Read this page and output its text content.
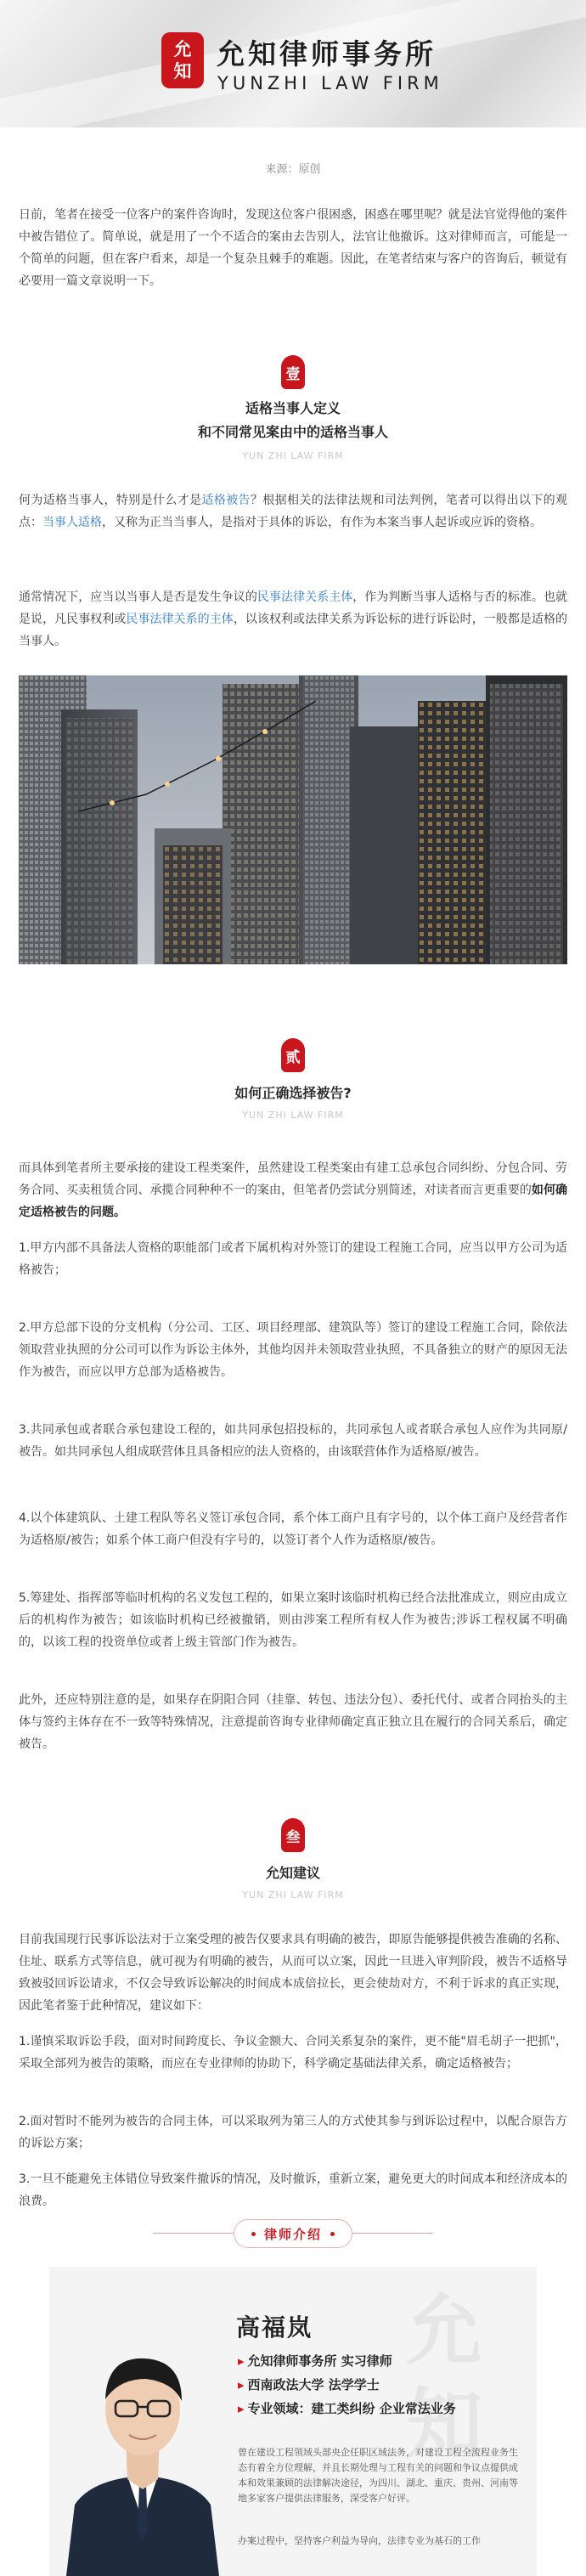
允
知
允知律师事务所
YUNZHI LAW FIRM
来源：原创

日前，笔者在接受一位客户的案件咨询时，发现这位客户很困惑，困惑在哪里呢？就是法官觉得他的案件中被告错位了。简单说，就是用了一个不适合的案由去告别人，法官让他撤诉。这对律师而言，可能是一个简单的问题，但在客户看来，却是一个复杂且棘手的难题。因此，在笔者结束与客户的咨询后，顿觉有必要用一篇文章说明一下。

壹
适格当事人定义
和不同常见案由中的适格当事人
YUN ZHI LAW FIRM

何为适格当事人，特别是什么才是适格被告？根据相关的法律法规和司法判例，笔者可以得出以下的观点：当事人适格，又称为正当当事人，是指对于具体的诉讼，有作为本案当事人起诉或应诉的资格。

通常情况下，应当以当事人是否是发生争议的民事法律关系主体，作为判断当事人适格与否的标准。也就是说，凡民事权利或民事法律关系的主体，以该权利或法律关系为诉讼标的进行诉讼时，一般都是适格的当事人。

贰
如何正确选择被告?
YUN ZHI LAW FIRM

而具体到笔者所主要承接的建设工程类案件，虽然建设工程类案由有建工总承包合同纠纷、分包合同、劳务合同、买卖租赁合同、承揽合同种种不一的案由，但笔者仍尝试分别简述，对读者而言更重要的如何确定适格被告的问题。

1.甲方内部不具备法人资格的职能部门或者下属机构对外签订的建设工程施工合同，应当以甲方公司为适格被告；

2.甲方总部下设的分支机构（分公司、工区、项目经理部、建筑队等）签订的建设工程施工合同，除依法领取营业执照的分公司可以作为诉讼主体外，其他均因并未领取营业执照，不具备独立的财产的原因无法作为被告，而应以甲方总部为适格被告。

3.共同承包或者联合承包建设工程的，如共同承包招投标的，共同承包人或者联合承包人应作为共同原/被告。如共同承包人组成联营体且具备相应的法人资格的，由该联营体作为适格原/被告。

4.以个体建筑队、土建工程队等名义签订承包合同，系个体工商户且有字号的，以个体工商户及经营者作为适格原/被告；如系个体工商户但没有字号的，以签订者个人作为适格原/被告。

5.筹建处、指挥部等临时机构的名义发包工程的，如果立案时该临时机构已经合法批准成立，则应由成立后的机构作为被告；如该临时机构已经被撤销，则由涉案工程所有权人作为被告;涉诉工程权属不明确的，以该工程的投资单位或者上级主管部门作为被告。

此外，还应特别注意的是，如果存在阴阳合同（挂靠、转包、违法分包）、委托代付、或者合同抬头的主体与签约主体存在不一致等特殊情况，注意提前咨询专业律师确定真正独立且在履行的合同关系后，确定被告。

叁
允知建议
YUN ZHI LAW FIRM

目前我国现行民事诉讼法对于立案受理的被告仅要求具有明确的被告，即原告能够提供被告准确的名称、住址、联系方式等信息，就可视为有明确的被告，从而可以立案，因此一旦进入审判阶段，被告不适格导致被驳回诉讼请求，不仅会导致诉讼解决的时间成本成倍拉长，更会使劫对方，不利于诉求的真正实现，因此笔者鉴于此种情况，建议如下：

1.谨慎采取诉讼手段，面对时间跨度长、争议金额大、合同关系复杂的案件，更不能"眉毛胡子一把抓"，采取全部列为被告的策略，而应在专业律师的协助下，科学确定基础法律关系，确定适格被告；

2.面对暂时不能列为被告的合同主体，可以采取列为第三人的方式使其参与到诉讼过程中，以配合原告方的诉讼方案；

3.一旦不能避免主体错位导致案件撤诉的情况，及时撤诉，重新立案，避免更大的时间成本和经济成本的浪费。

律师介绍
允
知
高福岚
▸ 允知律师事务所 实习律师
▸ 西南政法大学 法学学士
▸ 专业领域：建工类纠纷 企业常法业务

曾在建设工程领域头部央企任职区域法务，对建设工程全流程业务生态有着全方位理解，并且长期处理与工程有关的问题和争议点提供成本和效果兼顾的法律解决途径，为四川、湖北、重庆、贵州、河南等地多家客户提供法律服务，深受客户好评。

办案过程中，坚持客户利益为导向，法律专业为基石的工作
